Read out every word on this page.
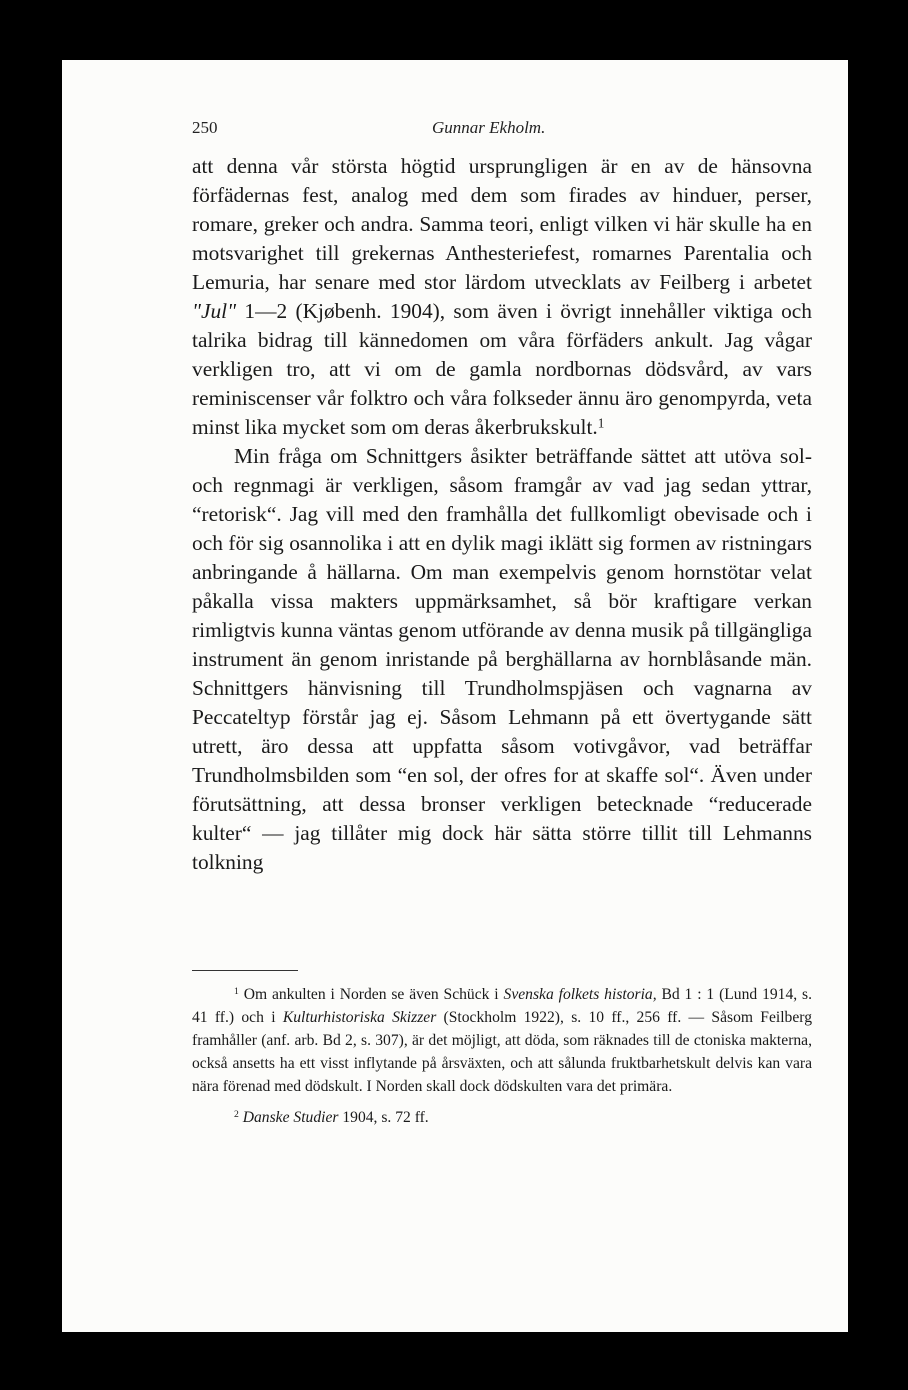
250	Gunnar Ekholm.

att denna vår största högtid ursprungligen är en av de hänsovna förfädernas fest, analog med dem som firades av hinduer, perser, romare, greker och andra. Samma teori, enligt vilken vi här skulle ha en motsvarighet till grekernas Anthesteriefest, romarnes Parentalia och Lemuria, har senare med stor lärdom utvecklats av Feilberg i arbetet "Jul" 1—2 (Kjøbenh. 1904), som även i övrigt innehåller viktiga och talrika bidrag till kännedomen om våra förfäders ankult. Jag vågar verkligen tro, att vi om de gamla nordbornas dödsvård, av vars reminiscenser vår folktro och våra folkseder ännu äro genompyrda, veta minst lika mycket som om deras åkerbrukskult.$^1$

Min fråga om Schnittgers åsikter beträffande sättet att utöva sol- och regnmagi är verkligen, såsom framgår av vad jag sedan yttrar, “retorisk“. Jag vill med den framhålla det fullkomligt obevisade och i och för sig osannolika i att en dylik magi iklätt sig formen av ristningars anbringande å hällarna. Om man exempelvis genom hornstötar velat påkalla vissa makters uppmärksamhet, så bör kraftigare verkan rimligtvis kunna väntas genom utförande av denna musik på tillgängliga instrument än genom inristande på berghällarna av hornblåsande män. Schnittgers hänvisning till Trundholmspjäsen och vagnarna av Peccateltyp förstår jag ej. Såsom Lehmann på ett övertygande sätt utrett, äro dessa att uppfatta såsom votivgåvor, vad beträffar Trundholmsbilden som “en sol, der ofres for at skaffe sol“. Även under förutsättning, att dessa bronser verkligen betecknade “reducerade kulter“ — jag tillåter mig dock här sätta större tillit till Lehmanns tolkning

$^1$ Om ankulten i Norden se även Schück i Svenska folkets historia, Bd 1 : 1 (Lund 1914, s. 41 ff.) och i Kulturhistoriska Skizzer (Stockholm 1922), s. 10 ff., 256 ff. — Såsom Feilberg framhåller (anf. arb. Bd 2, s. 307), är det möjligt, att döda, som räknades till de ctoniska makterna, också ansetts ha ett visst inflytande på årsväxten, och att sålunda fruktbarhetskult delvis kan vara nära förenad med dödskult. I Norden skall dock dödskulten vara det primära.

$^2$ Danske Studier 1904, s. 72 ff.
